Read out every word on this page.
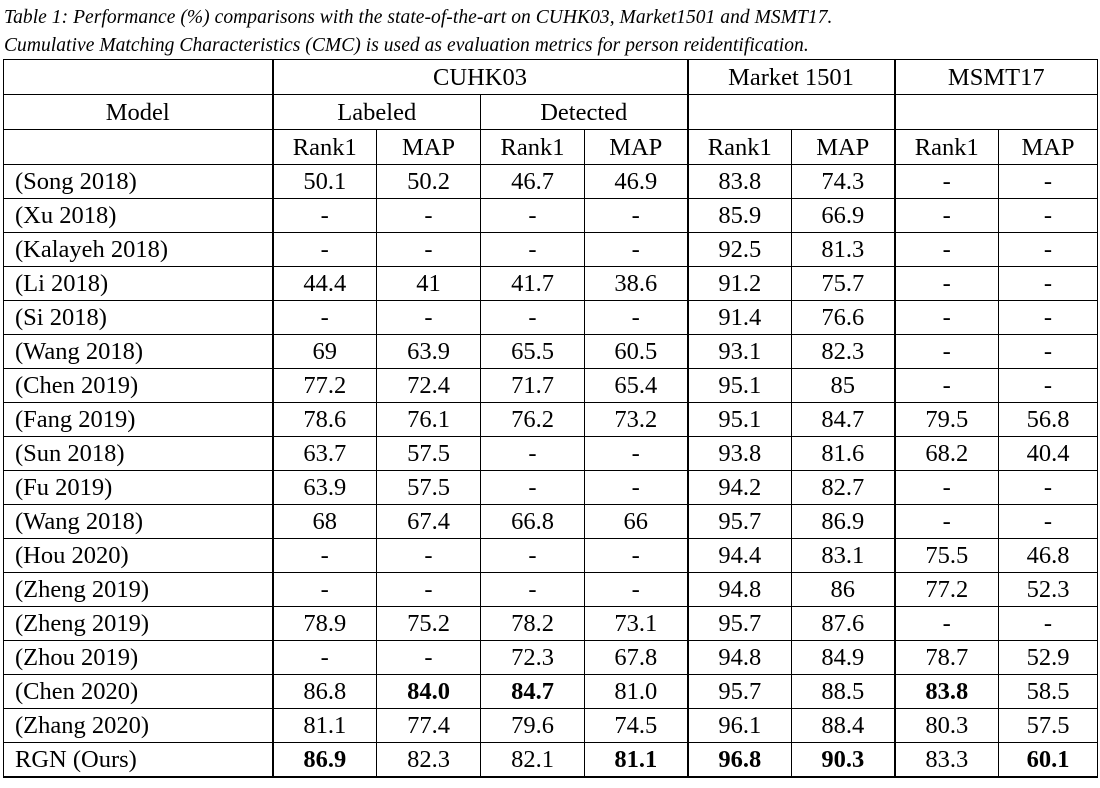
Table 1: Performance (%) comparisons with the state-of-the-art on CUHK03, Market1501 and MSMT17.
Cumulative Matching Characteristics (CMC) is used as evaluation metrics for person reidentification.
	CUHK03				Market 1501		MSMT17	
Model	Labeled		Detected					
	Rank1	MAP	Rank1	MAP	Rank1	MAP	Rank1	MAP
(Song 2018)	50.1	50.2	46.7	46.9	83.8	74.3	-	-
(Xu 2018)	-	-	-	-	85.9	66.9	-	-
(Kalayeh 2018)	-	-	-	-	92.5	81.3	-	-
(Li 2018)	44.4	41	41.7	38.6	91.2	75.7	-	-
(Si 2018)	-	-	-	-	91.4	76.6	-	-
(Wang 2018)	69	63.9	65.5	60.5	93.1	82.3	-	-
(Chen 2019)	77.2	72.4	71.7	65.4	95.1	85	-	-
(Fang 2019)	78.6	76.1	76.2	73.2	95.1	84.7	79.5	56.8
(Sun 2018)	63.7	57.5	-	-	93.8	81.6	68.2	40.4
(Fu 2019)	63.9	57.5	-	-	94.2	82.7	-	-
(Wang 2018)	68	67.4	66.8	66	95.7	86.9	-	-
(Hou 2020)	-	-	-	-	94.4	83.1	75.5	46.8
(Zheng 2019)	-	-	-	-	94.8	86	77.2	52.3
(Zheng 2019)	78.9	75.2	78.2	73.1	95.7	87.6	-	-
(Zhou 2019)	-	-	72.3	67.8	94.8	84.9	78.7	52.9
(Chen 2020)	86.8	84.0	84.7	81.0	95.7	88.5	83.8	58.5
(Zhang 2020)	81.1	77.4	79.6	74.5	96.1	88.4	80.3	57.5
RGN (Ours)	86.9	82.3	82.1	81.1	96.8	90.3	83.3	60.1
